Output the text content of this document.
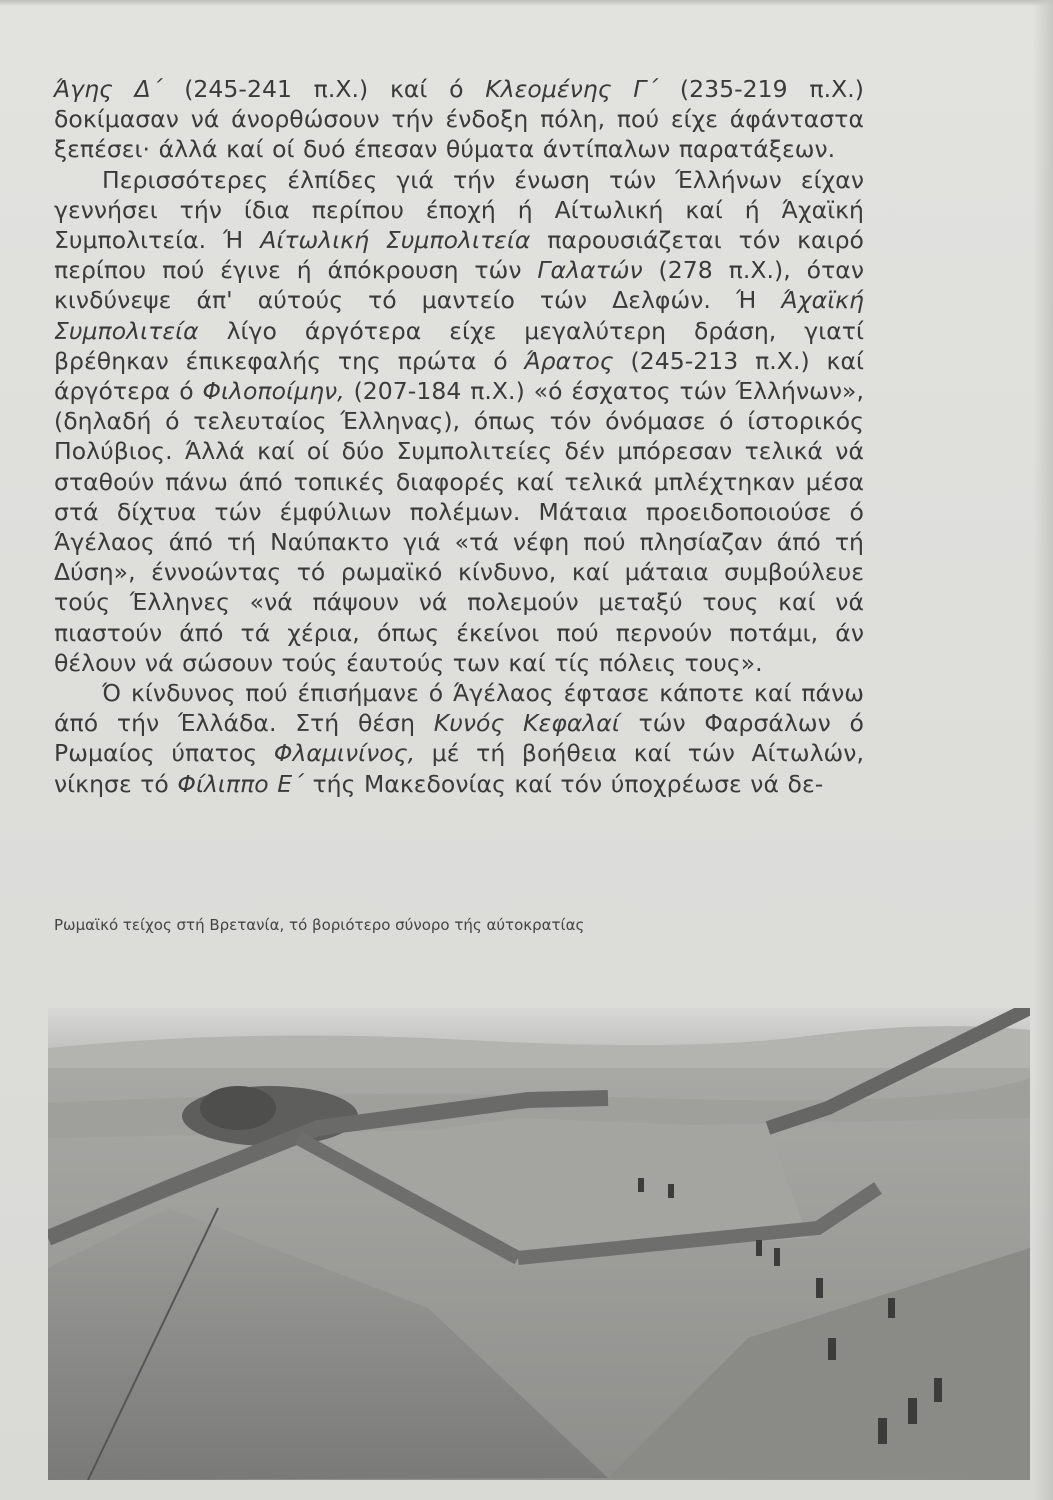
Άγης Δ΄ (245-241 π.Χ.) καί ό Κλεομένης Γ΄ (235-219 π.Χ.) δοκίμασαν νά άνορθώσουν τήν ένδοξη πόλη, πού είχε άφάνταστα ξεπέσει· άλλά καί οί δυό έπεσαν θύματα άντίπαλων παρατάξεων.

Περισσότερες έλπίδες γιά τήν ένωση τών Έλλήνων είχαν γεννήσει τήν ίδια περίπου έποχή ή Αίτωλική καί ή Άχαϊκή Συμπολιτεία. Ή Αίτωλική Συμπολιτεία παρουσιάζεται τόν καιρό περίπου πού έγινε ή άπόκρουση τών Γαλατών (278 π.Χ.), όταν κινδύνεψε άπ' αύτούς τό μαντείο τών Δελφών. Ή Άχαϊκή Συμπολιτεία λίγο άργότερα είχε μεγαλύτερη δράση, γιατί βρέθηκαν έπικεφαλής της πρώτα ό Άρατος (245-213 π.Χ.) καί άργότερα ό Φιλοποίμην, (207-184 π.Χ.) «ό έσχατος τών Έλλήνων», (δηλαδή ό τελευταίος Έλληνας), όπως τόν όνόμασε ό ίστορικός Πολύβιος. Άλλά καί οί δύο Συμπολιτείες δέν μπόρεσαν τελικά νά σταθούν πάνω άπό τοπικές διαφορές καί τελικά μπλέχτηκαν μέσα στά δίχτυα τών έμφύλιων πολέμων. Μάταια προειδοποιούσε ό Άγέλαος άπό τή Ναύπακτο γιά «τά νέφη πού πλησίαζαν άπό τή Δύση», έννοώντας τό ρωμαϊκό κίνδυνο, καί μάταια συμβούλευε τούς Έλληνες «νά πάψουν νά πολεμούν μεταξύ τους καί νά πιαστούν άπό τά χέρια, όπως έκείνοι πού περνούν ποτάμι, άν θέλουν νά σώσουν τούς έαυτούς των καί τίς πόλεις τους».

Ό κίνδυνος πού έπισήμανε ό Άγέλαος έφτασε κάποτε καί πάνω άπό τήν Έλλάδα. Στή θέση Κυνός Κεφαλαί τών Φαρσάλων ό Ρωμαίος ύπατος Φλαμινίνος, μέ τή βοήθεια καί τών Αίτωλών, νίκησε τό Φίλιππο Ε΄ τής Μακεδονίας καί τόν ύποχρέωσε νά δε-

Ρωμαϊκό τείχος στή Βρετανία, τό βοριότερο σύνορο τής αύτοκρατίας
